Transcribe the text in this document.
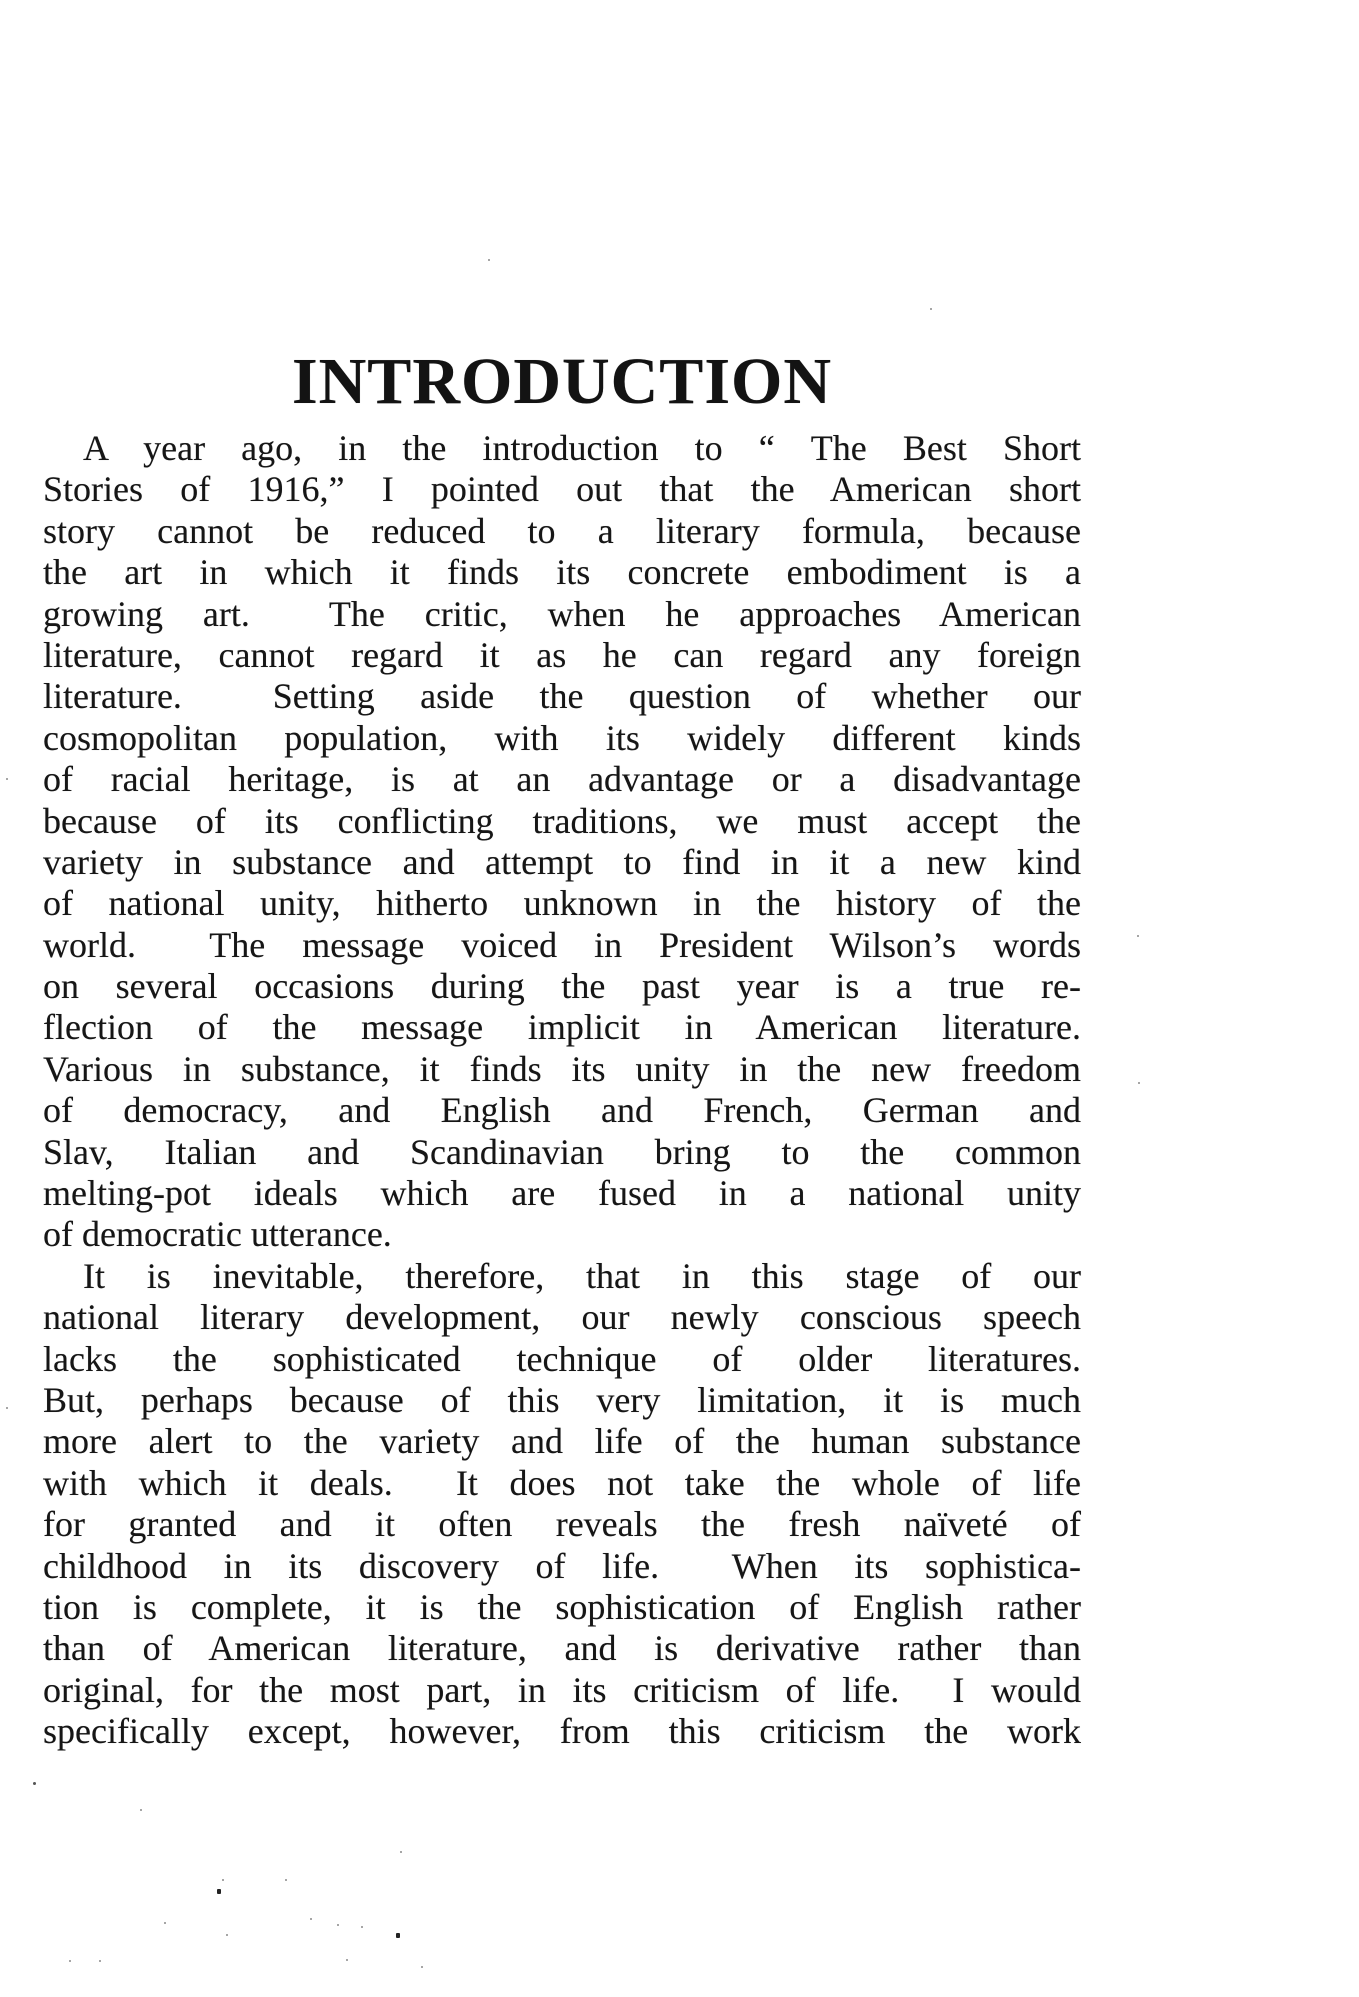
INTRODUCTION
A year ago, in the introduction to “ The Best Short
Stories of 1916,” I pointed out that the American short
story cannot be reduced to a literary formula, because
the art in which it finds its concrete embodiment is a
growing art.  The critic, when he approaches American
literature, cannot regard it as he can regard any foreign
literature.  Setting aside the question of whether our
cosmopolitan population, with its widely different kinds
of racial heritage, is at an advantage or a disadvantage
because of its conflicting traditions, we must accept the
variety in substance and attempt to find in it a new kind
of national unity, hitherto unknown in the history of the
world.  The message voiced in President Wilson’s words
on several occasions during the past year is a true re-
flection of the message implicit in American literature.
Various in substance, it finds its unity in the new freedom
of democracy, and English and French, German and
Slav, Italian and Scandinavian bring to the common
melting-pot ideals which are fused in a national unity
of democratic utterance.
It is inevitable, therefore, that in this stage of our
national literary development, our newly conscious speech
lacks the sophisticated technique of older literatures.
But, perhaps because of this very limitation, it is much
more alert to the variety and life of the human substance
with which it deals.  It does not take the whole of life
for granted and it often reveals the fresh naïveté of
childhood in its discovery of life.  When its sophistica-
tion is complete, it is the sophistication of English rather
than of American literature, and is derivative rather than
original, for the most part, in its criticism of life.  I would
specifically except, however, from this criticism the work
